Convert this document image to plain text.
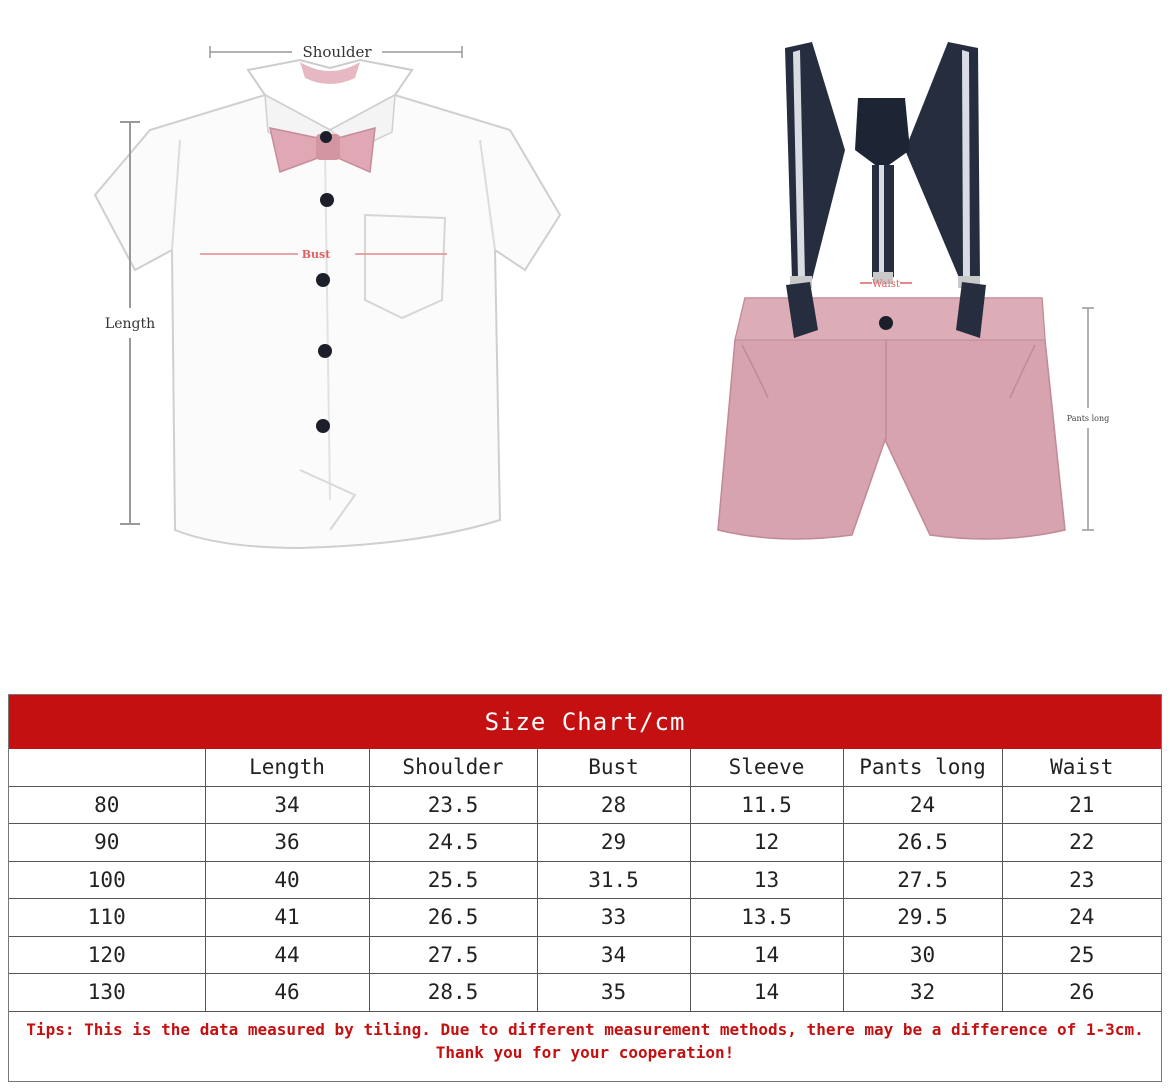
Shoulder
Length
Bust
Waist
Pants long
Size Chart/cm
	Length	Shoulder	Bust	Sleeve	Pants long	Waist
80	34	23.5	28	11.5	24	21
90	36	24.5	29	12	26.5	22
100	40	25.5	31.5	13	27.5	23
110	41	26.5	33	13.5	29.5	24
120	44	27.5	34	14	30	25
130	46	28.5	35	14	32	26
Tips: This is the data measured by tiling. Due to different measurement methods, there may be a difference of 1-3cm. Thank you for your cooperation!
